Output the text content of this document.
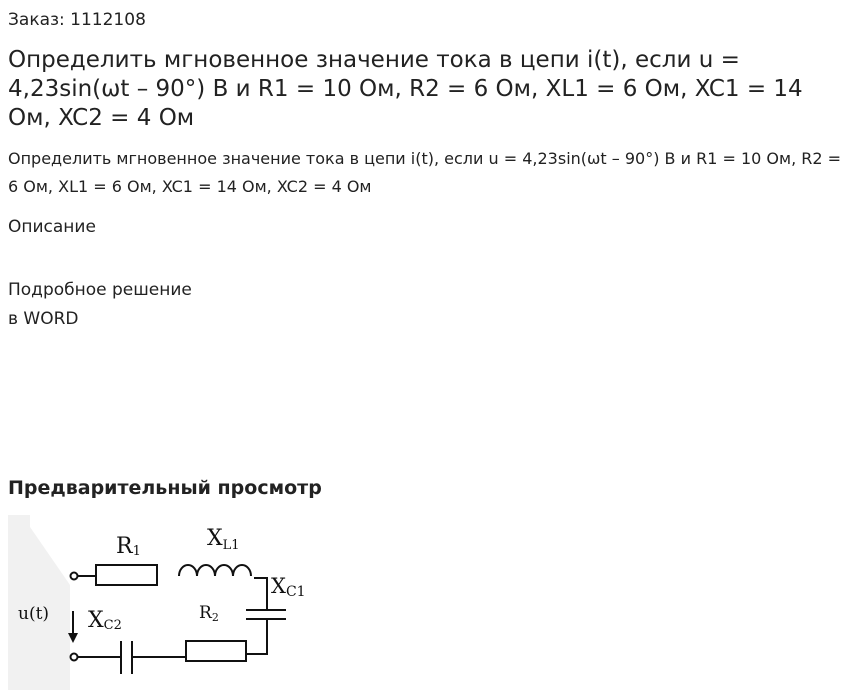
Заказ: 1112108
Определить мгновенное значение тока в цепи i(t), если u = 4,23sin(ωt – 90°) В и R1 = 10 Ом, R2 = 6 Ом, XL1 = 6 Ом, XC1 = 14 Ом, XC2 = 4 Ом
Определить мгновенное значение тока в цепи i(t), если u = 4,23sin(ωt – 90°) В и R1 = 10 Ом, R2 = 6 Ом, XL1 = 6 Ом, XC1 = 14 Ом, XC2 = 4 Ом
Описание
Подробное решение
в WORD
Предварительный просмотр
R1
XL1
XC1
R2
XC2
u(t)
